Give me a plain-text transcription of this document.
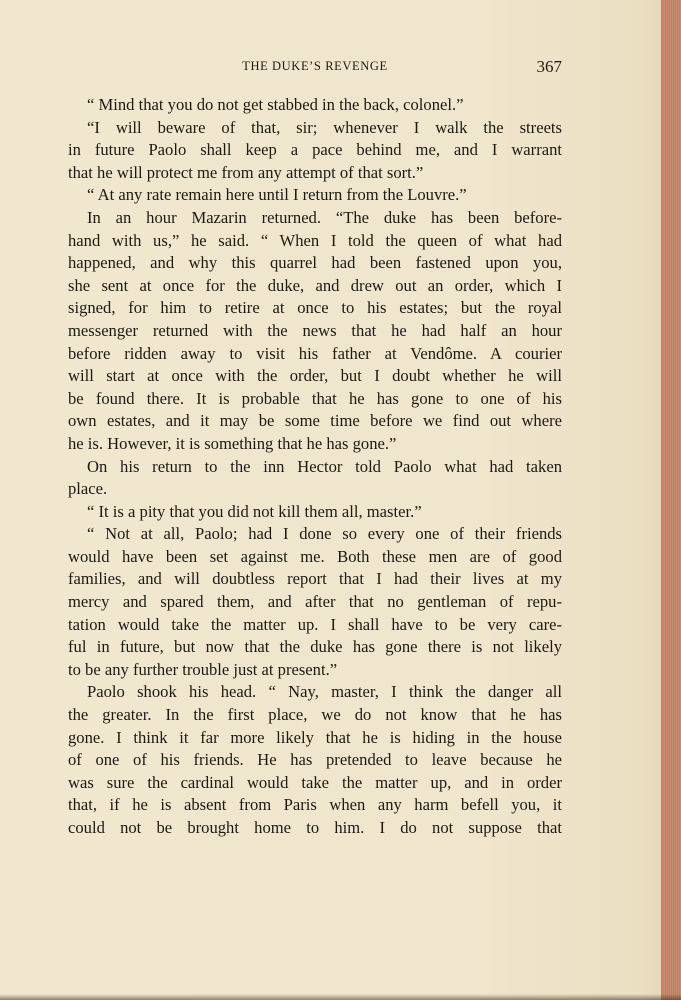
THE DUKE’S REVENGE	367
“ Mind that you do not get stabbed in the back, colonel.”
“I will beware of that, sir; whenever I walk the streets
in future Paolo shall keep a pace behind me, and I warrant
that he will protect me from any attempt of that sort.”
“ At any rate remain here until I return from the Louvre.”
In an hour Mazarin returned. “The duke has been before-
hand with us,” he said. “ When I told the queen of what had
happened, and why this quarrel had been fastened upon you,
she sent at once for the duke, and drew out an order, which I
signed, for him to retire at once to his estates; but the royal
messenger returned with the news that he had half an hour
before ridden away to visit his father at Vendôme. A courier
will start at once with the order, but I doubt whether he will
be found there. It is probable that he has gone to one of his
own estates, and it may be some time before we find out where
he is. However, it is something that he has gone.”
On his return to the inn Hector told Paolo what had taken
place.
“ It is a pity that you did not kill them all, master.”
“ Not at all, Paolo; had I done so every one of their friends
would have been set against me. Both these men are of good
families, and will doubtless report that I had their lives at my
mercy and spared them, and after that no gentleman of repu-
tation would take the matter up. I shall have to be very care-
ful in future, but now that the duke has gone there is not likely
to be any further trouble just at present.”
Paolo shook his head. “ Nay, master, I think the danger all
the greater. In the first place, we do not know that he has
gone. I think it far more likely that he is hiding in the house
of one of his friends. He has pretended to leave because he
was sure the cardinal would take the matter up, and in order
that, if he is absent from Paris when any harm befell you, it
could not be brought home to him. I do not suppose that
